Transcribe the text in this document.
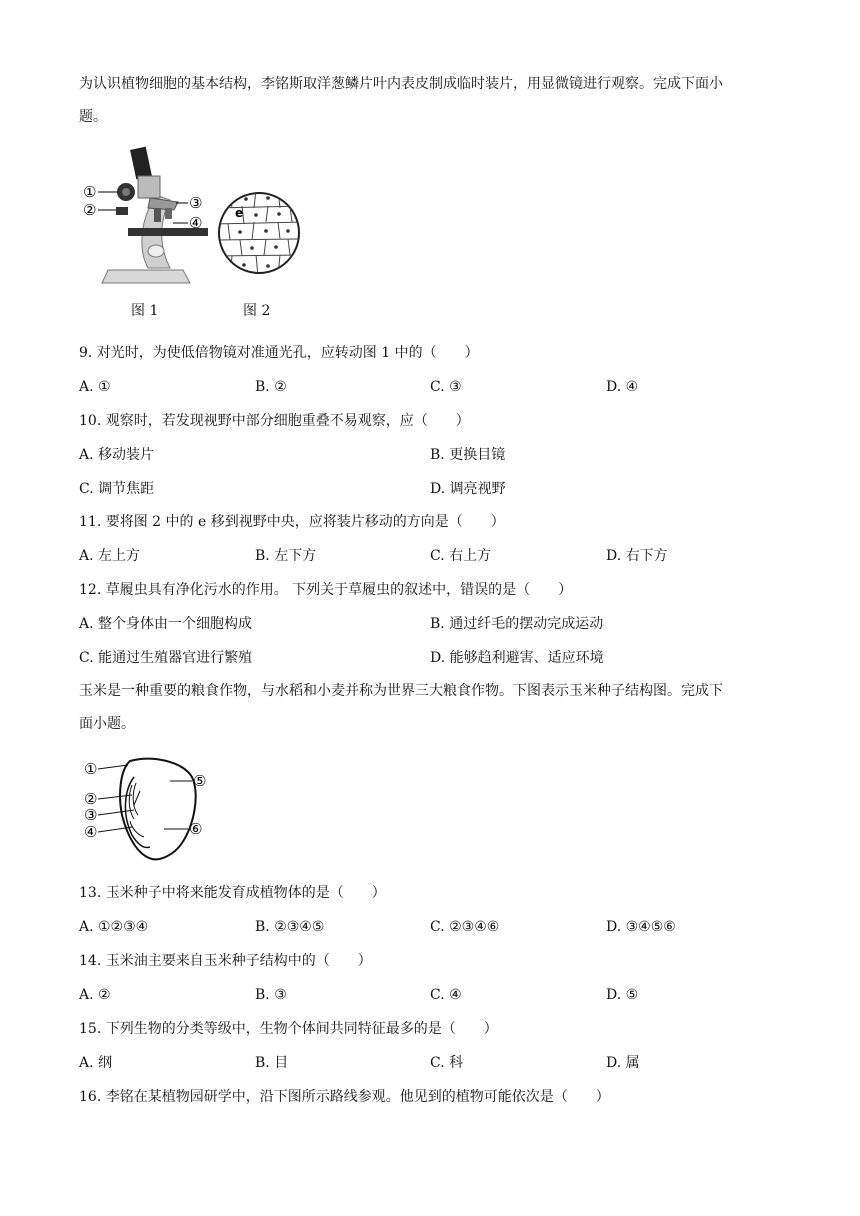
为认识植物细胞的基本结构，李铭斯取洋葱鳞片叶内表皮制成临时装片，用显微镜进行观察。完成下面小
题。
①
②	③
④
e
图 1	图 2
9. 对光时，为使低倍物镜对准通光孔，应转动图 1 中的（　　）
A. ①	B. ②	C. ③	D. ④
10. 观察时，若发现视野中部分细胞重叠不易观察，应（　　）
A. 移动装片	B. 更换目镜
C. 调节焦距	D. 调亮视野
11. 要将图 2 中的 e 移到视野中央，应将装片移动的方向是（　　）
A. 左上方	B. 左下方	C. 右上方	D. 右下方
12. 草履虫具有净化污水的作用。 下列关于草履虫的叙述中，错误的是（　　）
A. 整个身体由一个细胞构成	B. 通过纤毛的摆动完成运动
C. 能通过生殖器官进行繁殖	D. 能够趋利避害、适应环境
玉米是一种重要的粮食作物，与水稻和小麦并称为世界三大粮食作物。下图表示玉米种子结构图。完成下
面小题。
①
②
③
④
⑤
⑥
13. 玉米种子中将来能发育成植物体的是（　　）
A. ①②③④	B. ②③④⑤	C. ②③④⑥	D. ③④⑤⑥
14. 玉米油主要来自玉米种子结构中的（　　）
A. ②	B. ③	C. ④	D. ⑤
15. 下列生物的分类等级中，生物个体间共同特征最多的是（　　）
A. 纲	B. 目	C. 科	D. 属
16. 李铭在某植物园研学中，沿下图所示路线参观。他见到的植物可能依次是（　　）
